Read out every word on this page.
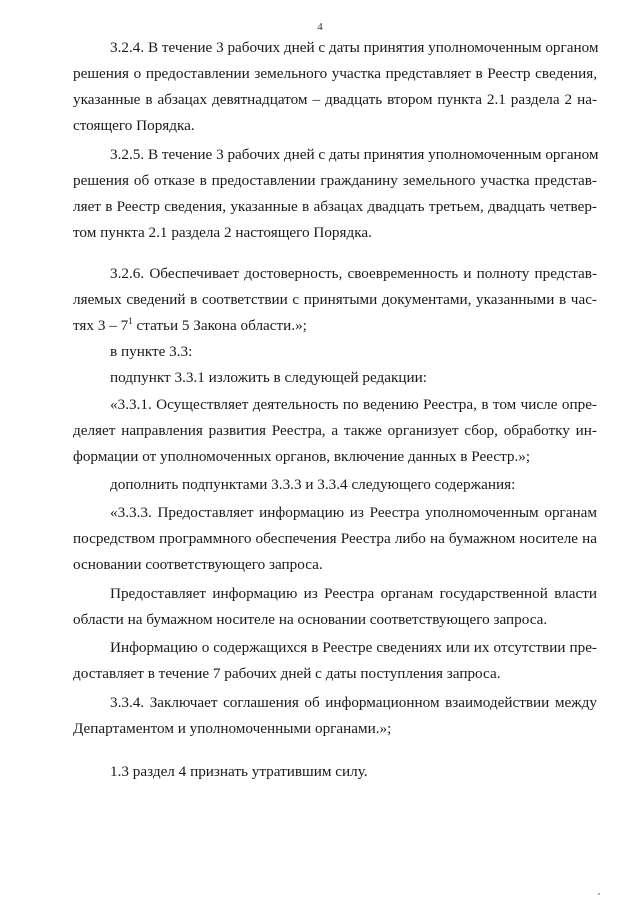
4
3.2.4. В течение 3 рабочих дней с даты принятия уполномоченным органом
решения о предоставлении земельного участка представляет в Реестр сведения,
указанные в абзацах девятнадцатом – двадцать втором пункта 2.1 раздела 2 на-
стоящего Порядка.
3.2.5. В течение 3 рабочих дней с даты принятия уполномоченным органом
решения об отказе в предоставлении гражданину земельного участка представ-
ляет в Реестр сведения, указанные в абзацах двадцать третьем, двадцать четвер-
том пункта 2.1 раздела 2 настоящего Порядка.
3.2.6. Обеспечивает достоверность, своевременность и полноту представ-
ляемых сведений в соответствии с принятыми документами, указанными в час-
тях $3 - 7^1$ статьи 5 Закона области.»;
в пункте 3.3:
подпункт 3.3.1 изложить в следующей редакции:
«3.3.1. Осуществляет деятельность по ведению Реестра, в том числе опре-
деляет направления развития Реестра, а также организует сбор, обработку ин-
формации от уполномоченных органов, включение данных в Реестр.»;
дополнить подпунктами 3.3.3 и 3.3.4 следующего содержания:
«3.3.3. Предоставляет информацию из Реестра уполномоченным органам
посредством программного обеспечения Реестра либо на бумажном носителе на
основании соответствующего запроса.
Предоставляет информацию из Реестра органам государственной власти
области на бумажном носителе на основании соответствующего запроса.
Информацию о содержащихся в Реестре сведениях или их отсутствии пре-
доставляет в течение 7 рабочих дней с даты поступления запроса.
3.3.4. Заключает соглашения об информационном взаимодействии между
Департаментом и уполномоченными органами.»;
1.3 раздел 4 признать утратившим силу.
